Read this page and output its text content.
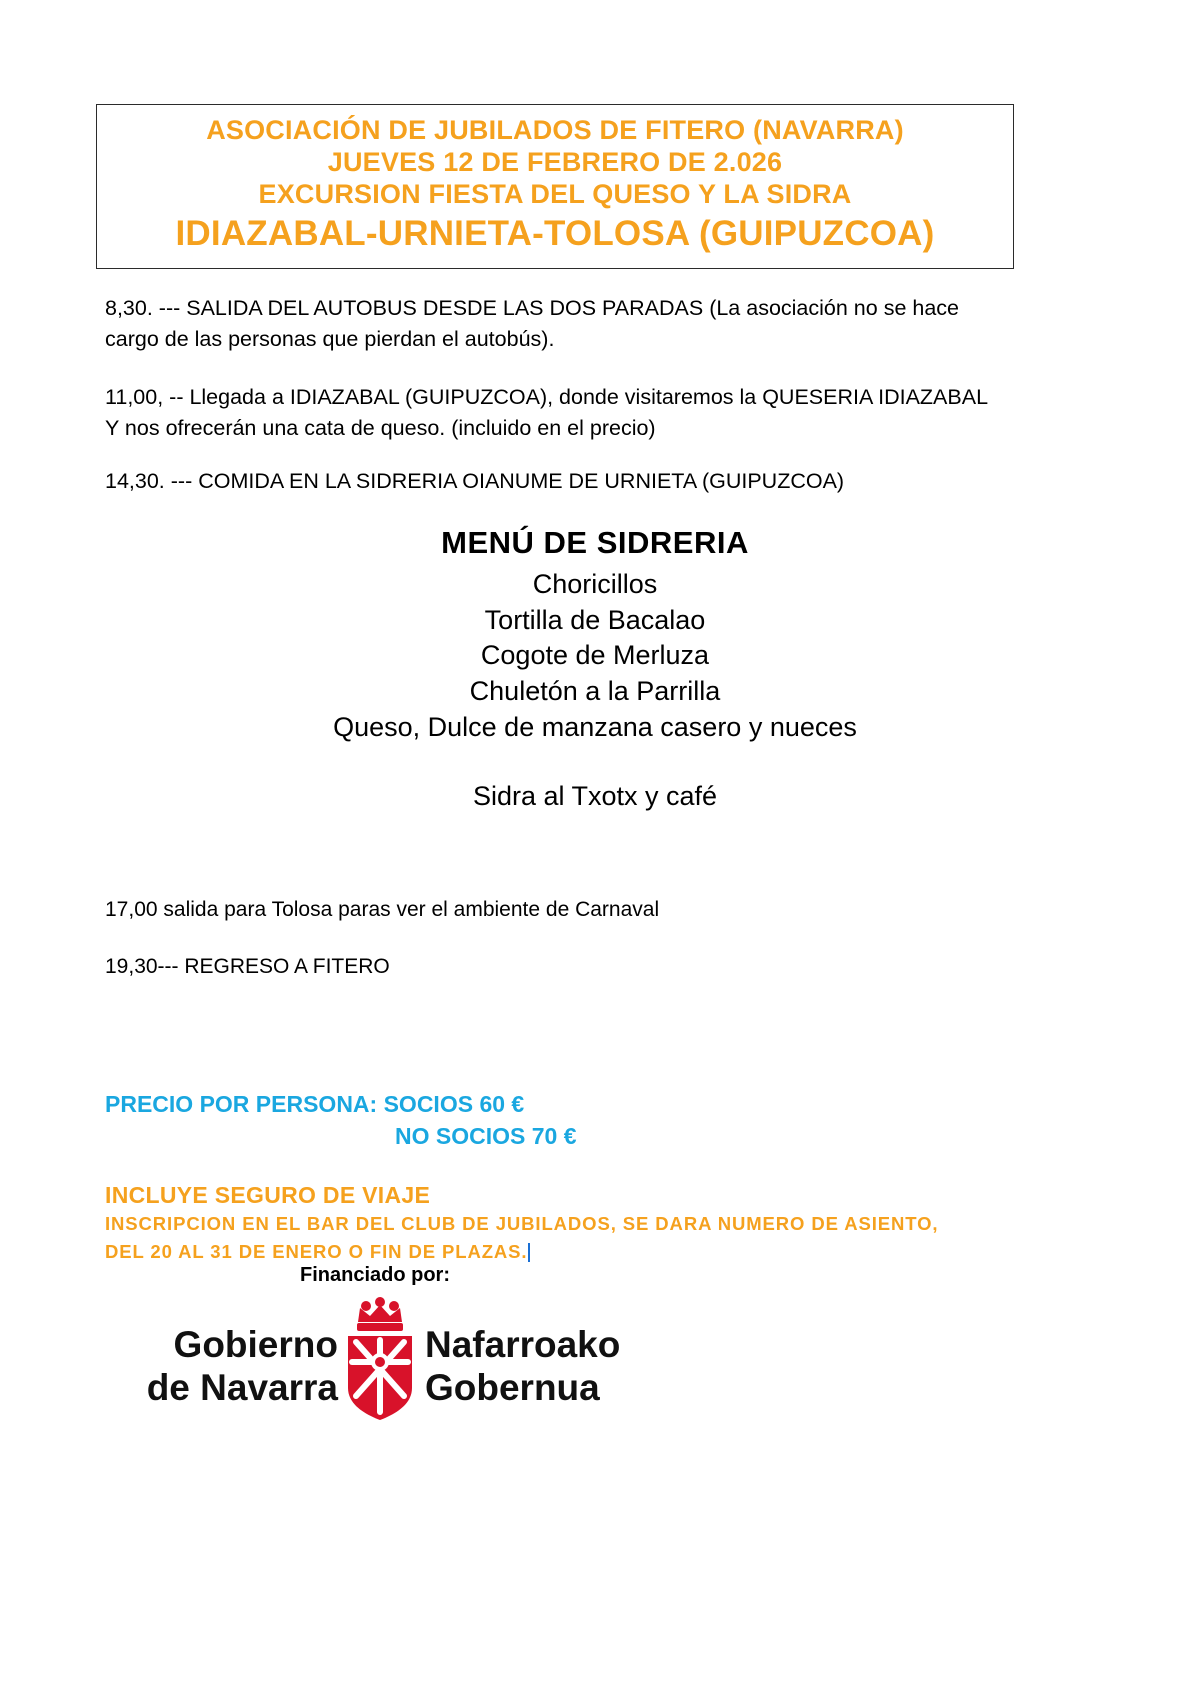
ASOCIACIÓN DE JUBILADOS DE FITERO (NAVARRA)
JUEVES 12 DE FEBRERO DE 2.026
EXCURSION FIESTA DEL QUESO Y LA SIDRA
IDIAZABAL-URNIETA-TOLOSA (GUIPUZCOA)
8,30. --- SALIDA DEL AUTOBUS DESDE LAS DOS PARADAS (La asociación no se hace cargo de las personas que pierdan el autobús).
11,00, -- Llegada a IDIAZABAL (GUIPUZCOA), donde visitaremos la QUESERIA IDIAZABAL Y nos ofrecerán una cata de queso. (incluido en el precio)
14,30. --- COMIDA EN LA SIDRERIA OIANUME DE URNIETA (GUIPUZCOA)
MENÚ DE SIDRERIA
Choricillos
Tortilla de Bacalao
Cogote de Merluza
Chuletón a la Parrilla
Queso, Dulce de manzana casero y nueces
Sidra al Txotx y café
17,00 salida para Tolosa paras ver el ambiente de Carnaval
19,30--- REGRESO A FITERO
PRECIO POR PERSONA: SOCIOS 60 €
NO SOCIOS 70 €
INCLUYE SEGURO DE VIAJE
INSCRIPCION EN EL BAR DEL CLUB DE JUBILADOS, SE DARA NUMERO DE ASIENTO,
DEL 20 AL 31 DE ENERO O FIN DE PLAZAS.
Financiado por:
Gobierno
de Navarra
Nafarroako
Gobernua
